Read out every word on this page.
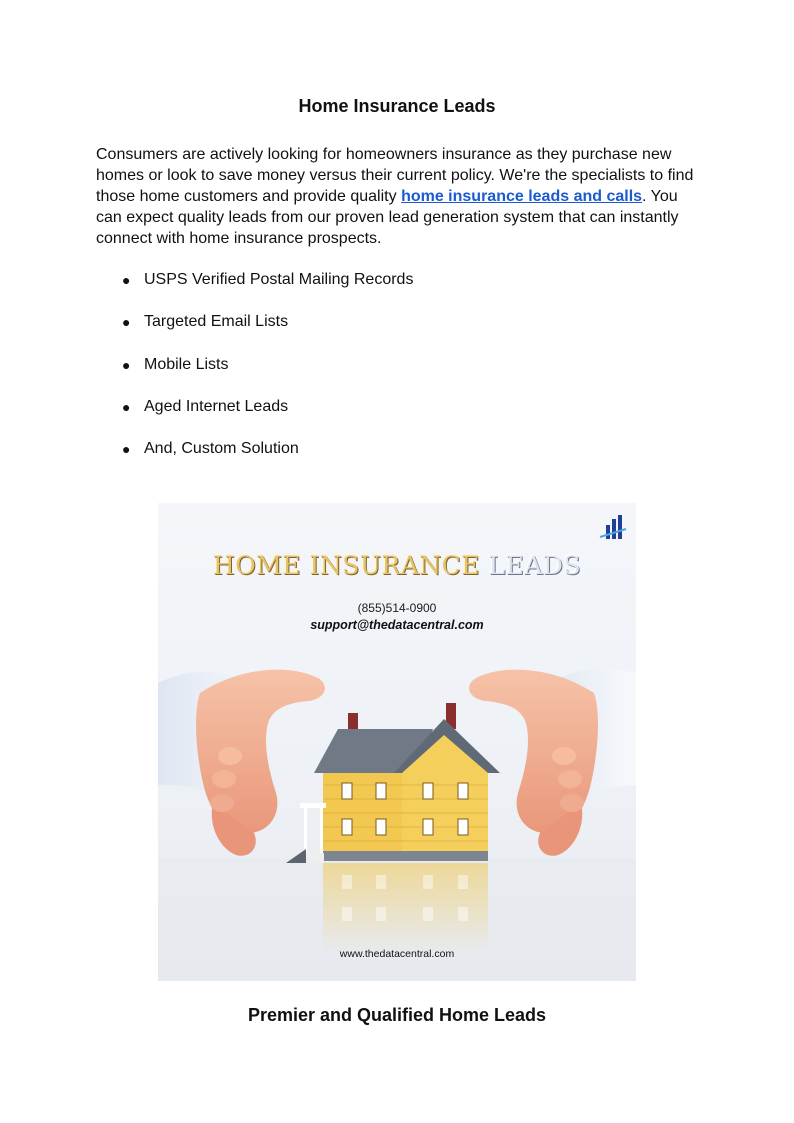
Home Insurance Leads

Consumers are actively looking for homeowners insurance as they purchase new homes or look to save money versus their current policy. We're the specialists to find those home customers and provide quality home insurance leads and calls. You can expect quality leads from our proven lead generation system that can instantly connect with home insurance prospects.

● USPS Verified Postal Mailing Records
● Targeted Email Lists
● Mobile Lists
● Aged Internet Leads
● And, Custom Solution
HOME INSURANCE LEADS
(855)514-0900
support@thedatacentral.com
www.thedatacentral.com
Premier and Qualified Home Leads
